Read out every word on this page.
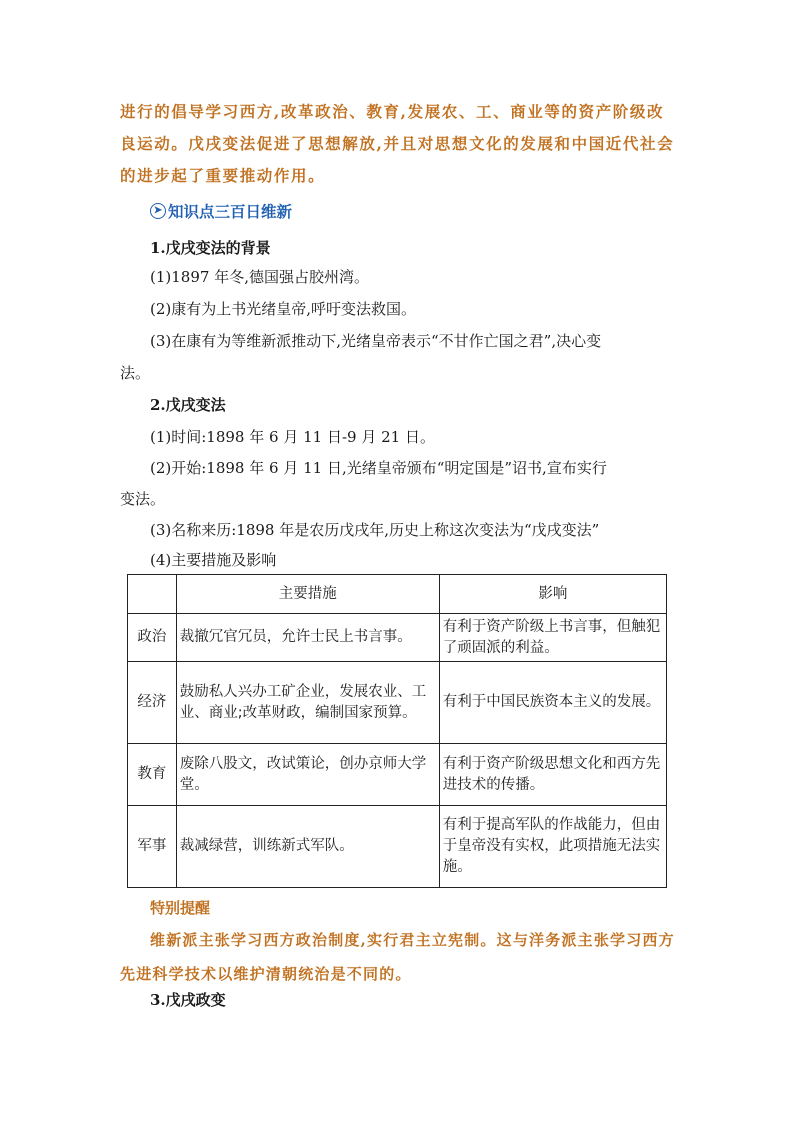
进行的倡导学习西方,改革政治、教育,发展农、工、商业等的资产阶级改良运动。戊戌变法促进了思想解放,并且对思想文化的发展和中国近代社会的进步起了重要推动作用。

➤ 知识点三百日维新
1.戊戌变法的背景
(1)1897 年冬,德国强占胶州湾。
(2)康有为上书光绪皇帝,呼吁变法救国。
(3)在康有为等维新派推动下,光绪皇帝表示“不甘作亡国之君”,决心变
法。
2.戊戌变法
(1)时间:1898 年 6 月 11 日-9 月 21 日。
(2)开始:1898 年 6 月 11 日,光绪皇帝颁布“明定国是”诏书,宣布实行
变法。
(3)名称来历:1898 年是农历戊戌年,历史上称这次变法为“戊戌变法”
(4)主要措施及影响
	主要措施	影响
政治	裁撤冗官冗员，允许士民上书言事。	有利于资产阶级上书言事，但触犯了顽固派的利益。
经济	鼓励私人兴办工矿企业，发展农业、工业、商业;改革财政，编制国家预算。	有利于中国民族资本主义的发展。
教育	废除八股文，改试策论，创办京师大学堂。	有利于资产阶级思想文化和西方先进技术的传播。
军事	裁减绿营，训练新式军队。	有利于提高军队的作战能力，但由于皇帝没有实权，此项措施无法实施。
特别提醒
维新派主张学习西方政治制度,实行君主立宪制。这与洋务派主张学习西方先进科学技术以维护清朝统治是不同的。
3.戊戌政变
